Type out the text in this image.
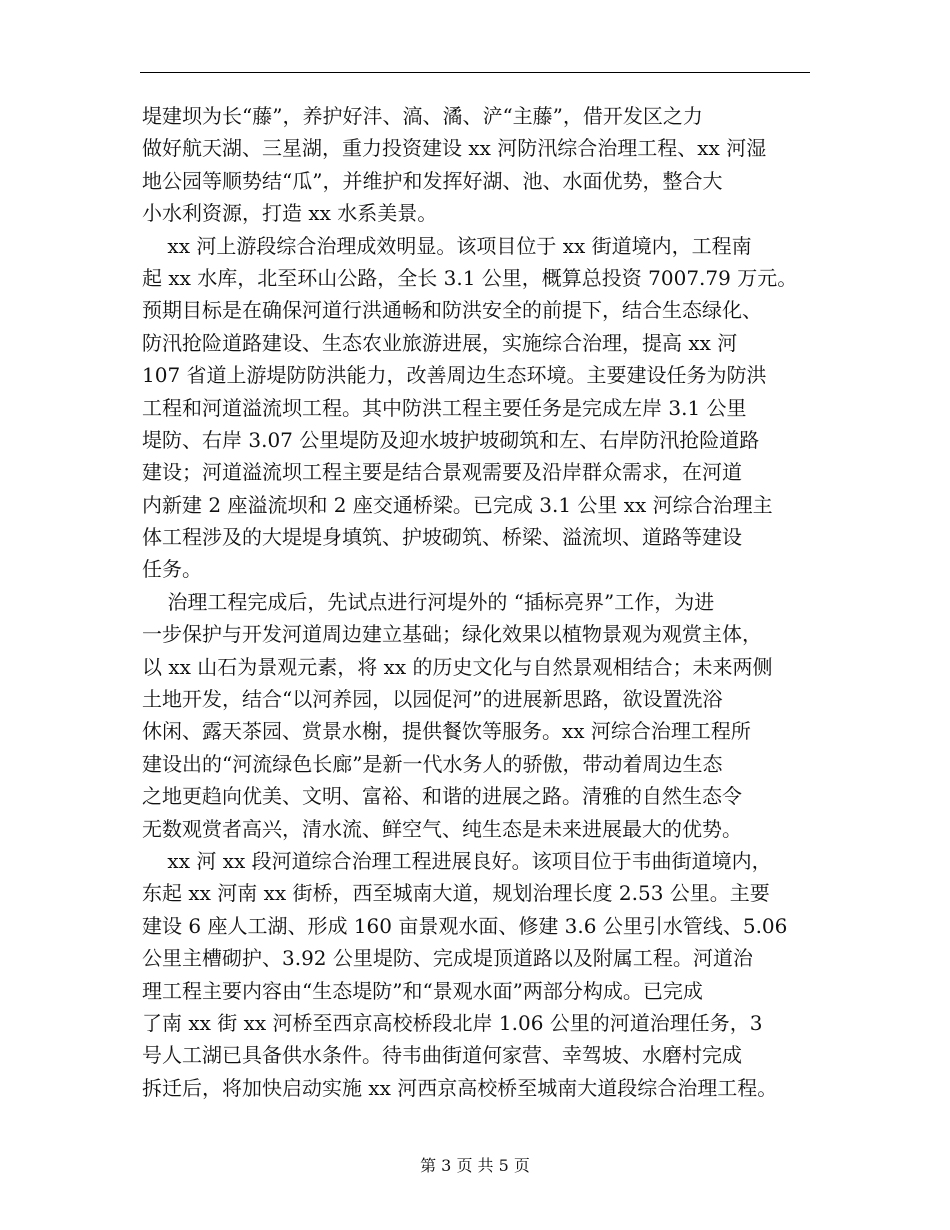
堤建坝为长“藤”，养护好沣、滈、潏、浐“主藤”，借开发区之力
做好航天湖、三星湖，重力投资建设 xx 河防汛综合治理工程、xx 河湿
地公园等顺势结“瓜”，并维护和发挥好湖、池、水面优势，整合大
小水利资源，打造 xx 水系美景。
xx 河上游段综合治理成效明显。该项目位于 xx 街道境内，工程南
起 xx 水库，北至环山公路，全长 3.1 公里，概算总投资 7007.79 万元。
预期目标是在确保河道行洪通畅和防洪安全的前提下，结合生态绿化、
防汛抢险道路建设、生态农业旅游进展，实施综合治理，提高 xx 河
107 省道上游堤防防洪能力，改善周边生态环境。主要建设任务为防洪
工程和河道溢流坝工程。其中防洪工程主要任务是完成左岸 3.1 公里
堤防、右岸 3.07 公里堤防及迎水坡护坡砌筑和左、右岸防汛抢险道路
建设；河道溢流坝工程主要是结合景观需要及沿岸群众需求，在河道
内新建 2 座溢流坝和 2 座交通桥梁。已完成 3.1 公里 xx 河综合治理主
体工程涉及的大堤堤身填筑、护坡砌筑、桥梁、溢流坝、道路等建设
任务。
治理工程完成后，先试点进行河堤外的 “插标亮界”工作，为进
一步保护与开发河道周边建立基础；绿化效果以植物景观为观赏主体，
以 xx 山石为景观元素，将 xx 的历史文化与自然景观相结合；未来两侧
土地开发，结合“以河养园，以园促河”的进展新思路，欲设置洗浴
休闲、露天茶园、赏景水榭，提供餐饮等服务。xx 河综合治理工程所
建设出的“河流绿色长廊”是新一代水务人的骄傲，带动着周边生态
之地更趋向优美、文明、富裕、和谐的进展之路。清雅的自然生态令
无数观赏者高兴，清水流、鲜空气、纯生态是未来进展最大的优势。
xx 河 xx 段河道综合治理工程进展良好。该项目位于韦曲街道境内，
东起 xx 河南 xx 街桥，西至城南大道，规划治理长度 2.53 公里。主要
建设 6 座人工湖、形成 160 亩景观水面、修建 3.6 公里引水管线、5.06
公里主槽砌护、3.92 公里堤防、完成堤顶道路以及附属工程。河道治
理工程主要内容由“生态堤防”和“景观水面”两部分构成。已完成
了南 xx 街 xx 河桥至西京高校桥段北岸 1.06 公里的河道治理任务，3
号人工湖已具备供水条件。待韦曲街道何家营、幸驾坡、水磨村完成
拆迁后，将加快启动实施 xx 河西京高校桥至城南大道段综合治理工程。
第 3 页 共 5 页
